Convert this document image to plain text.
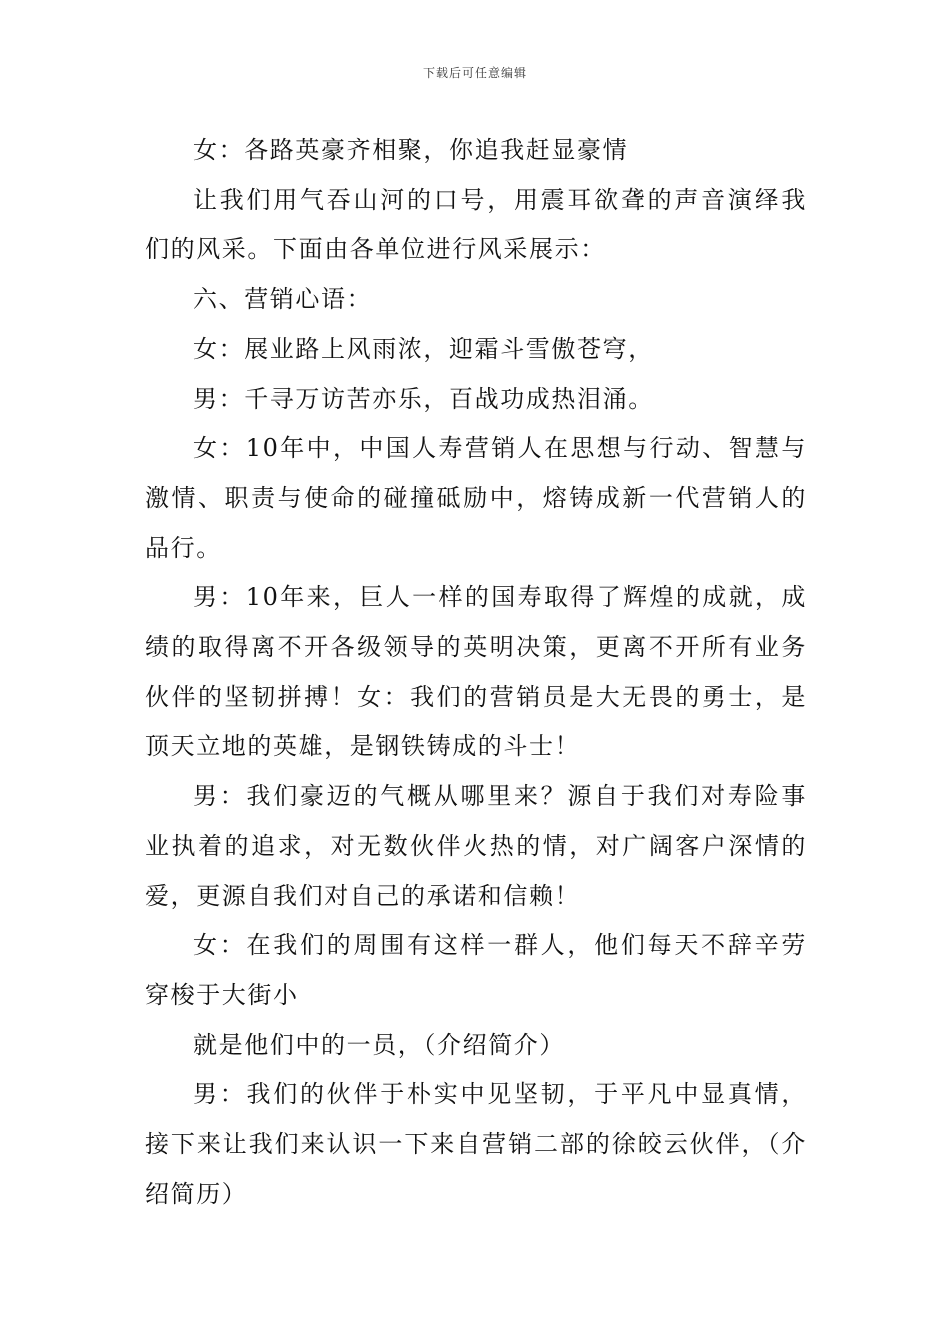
下载后可任意编辑

女：各路英豪齐相聚，你追我赶显豪情

让我们用气吞山河的口号，用震耳欲聋的声音演绎我们的风采。下面由各单位进行风采展示：

六、营销心语：

女：展业路上风雨浓，迎霜斗雪傲苍穹，

男：千寻万访苦亦乐，百战功成热泪涌。

女：10年中，中国人寿营销人在思想与行动、智慧与激情、职责与使命的碰撞砥励中，熔铸成新一代营销人的品行。

男：10年来，巨人一样的国寿取得了辉煌的成就，成绩的取得离不开各级领导的英明决策，更离不开所有业务伙伴的坚韧拼搏！女：我们的营销员是大无畏的勇士，是顶天立地的英雄，是钢铁铸成的斗士！

男：我们豪迈的气概从哪里来？源自于我们对寿险事业执着的追求，对无数伙伴火热的情，对广阔客户深情的爱，更源自我们对自己的承诺和信赖！

女：在我们的周围有这样一群人，他们每天不辞辛劳穿梭于大街小

就是他们中的一员，（介绍简介）

男：我们的伙伴于朴实中见坚韧，于平凡中显真情，接下来让我们来认识一下来自营销二部的徐皎云伙伴，（介绍简历）
